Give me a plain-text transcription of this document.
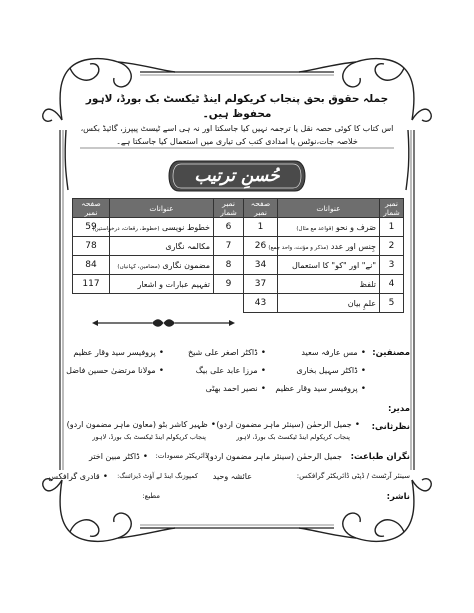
جملہ حقوق بحق پنجاب کریکولم اینڈ ٹیکسٹ بک بورڈ، لاہور محفوظ ہیں۔
اس کتاب کا کوئی حصہ نقل یا ترجمہ نہیں کیا جاسکتا اور نہ ہی اسے ٹیسٹ پیپرز، گائیڈ بکس،
خلاصہ جات،نوٹس یا امدادی کتب کی تیاری میں استعمال کیا جاسکتا ہے۔
حُسنِ ترتیب
نمبر شمار	عنوانات	صفحہ نمبر	نمبر شمار	عنوانات	صفحہ نمبر
1	صَرف و نحو (قواعد مع مثال)	1	6	خطوط نویسی (خطوط، رقعات، درخواستیں)	59
2	جِنس اور عدد (مذکر و مؤنث، واحد جمع)	26	7	مکالمہ نگاری	78
3	"نے" اور "کو" کا استعمال	34	8	مضمون نگاری (مضامین، کہانیاں)	84
4	تلفظ	37	9	تفہیم عبارات و اشعار	117
5	علمِ بیان	43			
مصنفین:
•مس عارفہ سعید
•ڈاکٹر اصغر علی شیخ
•پروفیسر سید وقار عظیم
•ڈاکٹر سہیل بخاری
•مرزا عابد علی بیگ
•مولانا مرتضیٰ حسین فاضل
•پروفیسر سید وقار عظیم
•نصیر احمد بھٹی
مدیر:
نظرثانی:
•جمیل الرحمٰن (سینئر ماہر مضمون اردو)
پنجاب کریکولم اینڈ ٹیکسٹ بک بورڈ، لاہور
•ظہیر کاشر بٹو (معاون ماہر مضمون اردو)
پنجاب کریکولم اینڈ ٹیکسٹ بک بورڈ، لاہور
نگران طباعت:
جمیل الرحمٰن (سینئر ماہر مضمون اردو)
ڈائریکٹر مسودات:
•ڈاکٹر مبین اختر
سینئر آرٹسٹ / ڈپٹی ڈائریکٹر گرافکس:
عائشہ وحید
کمپوزنگ اینڈ لے آؤٹ ڈیزائننگ:
•قادری گرافکس
ناشر:
مطبع:
